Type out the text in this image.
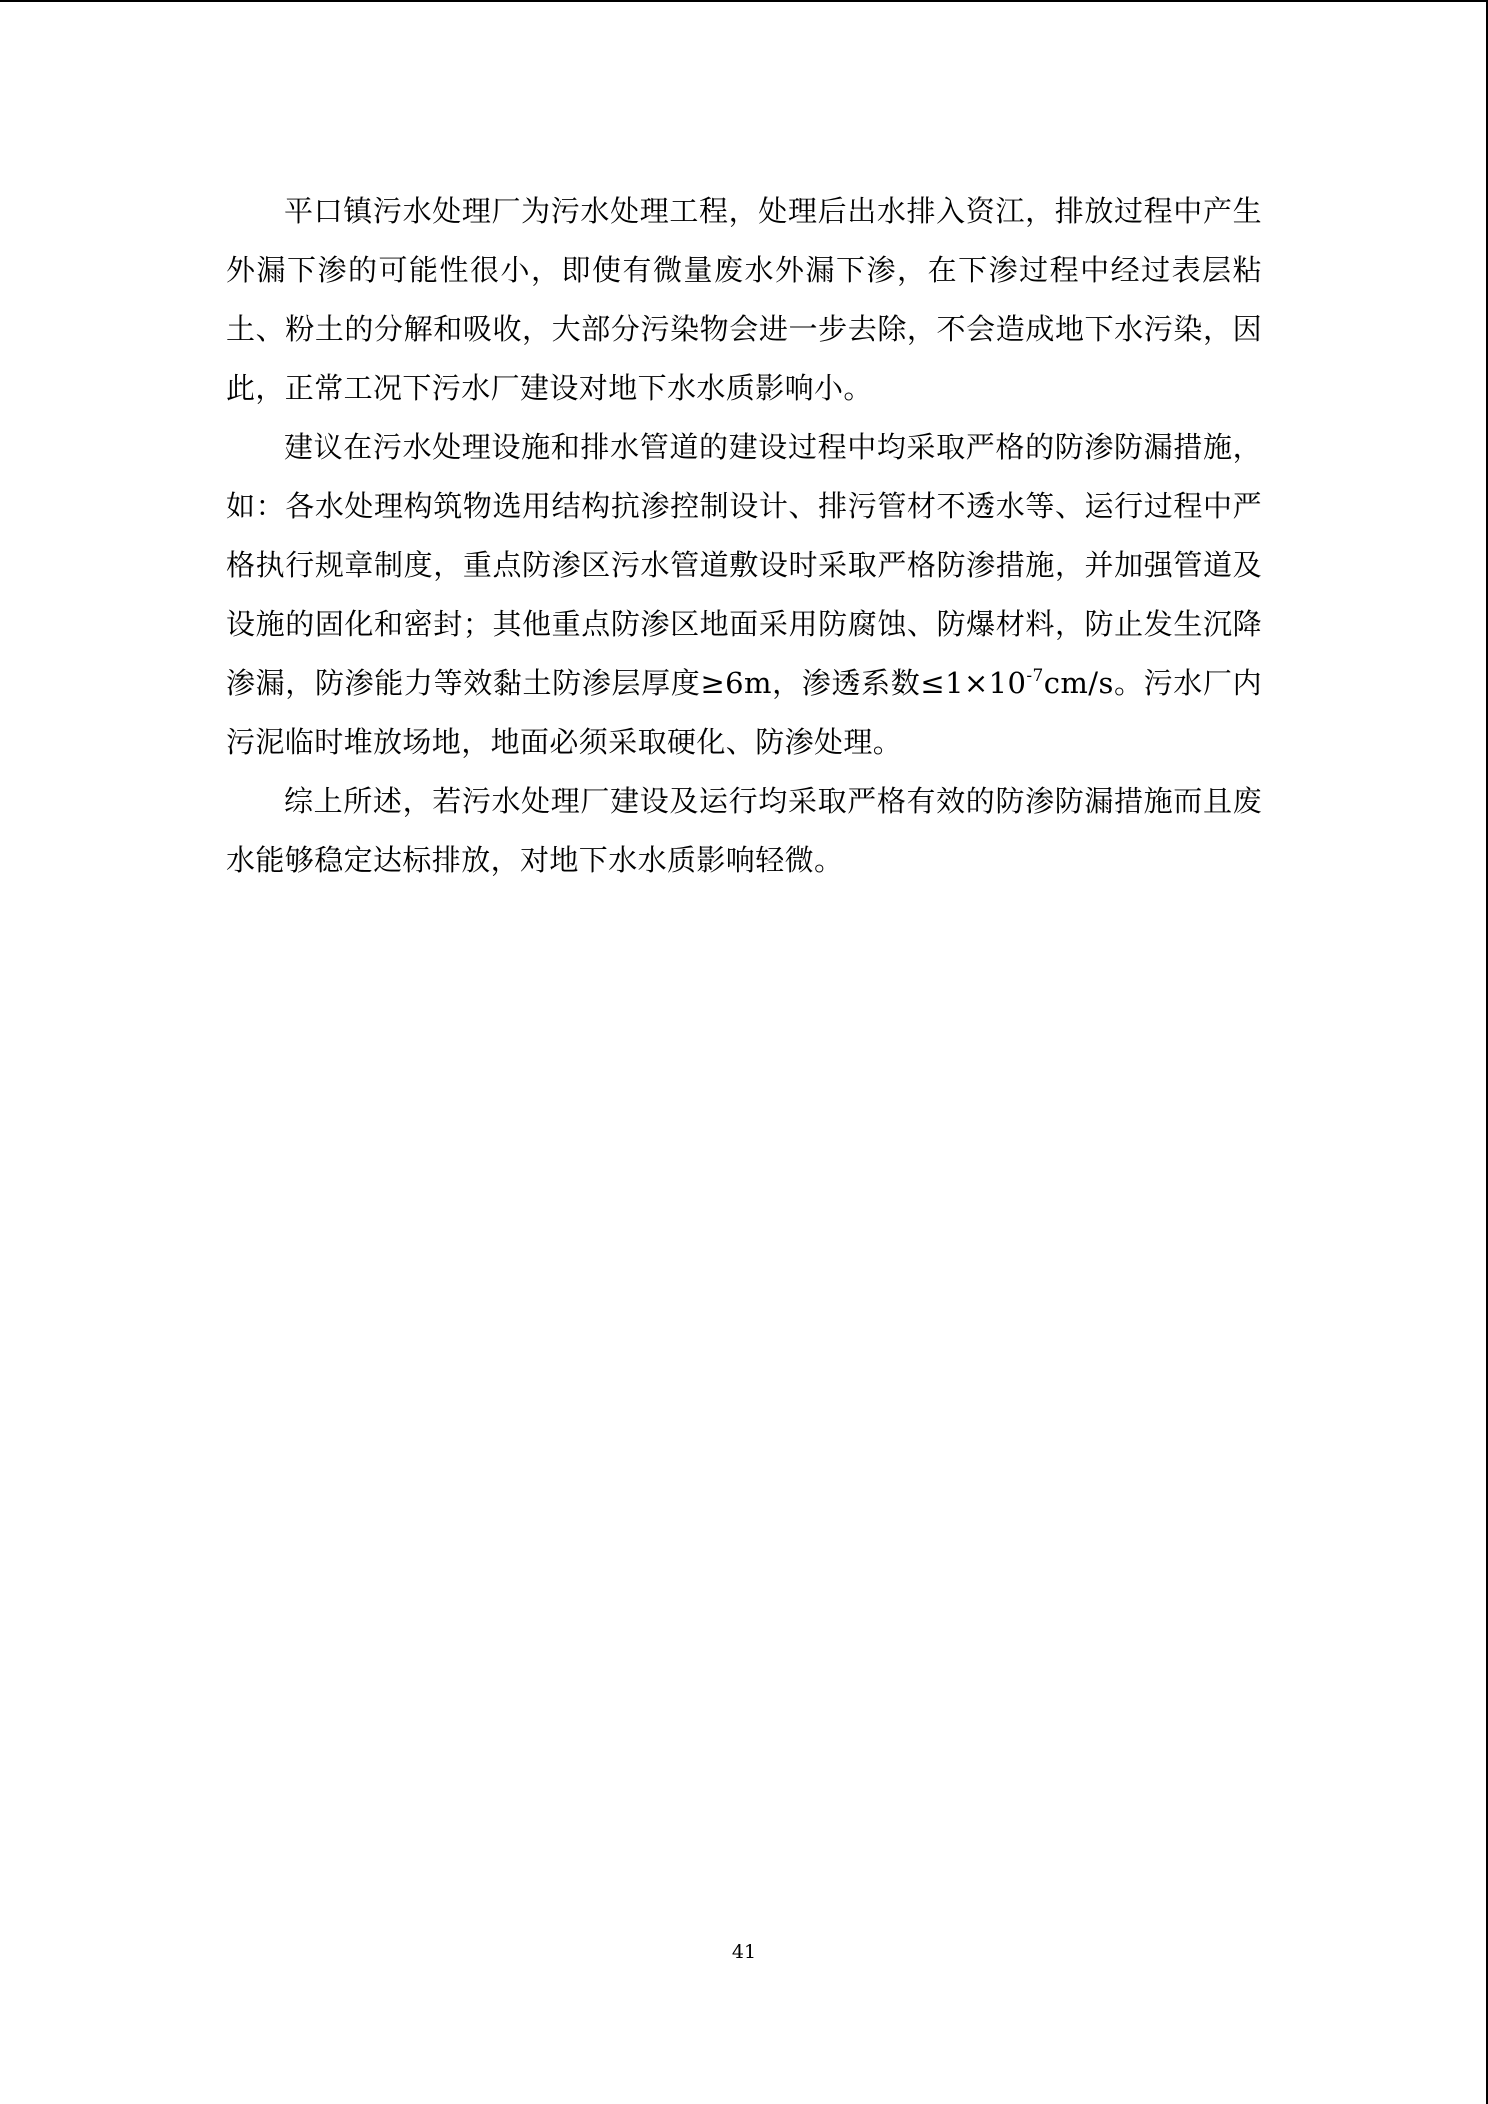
平口镇污水处理厂为污水处理工程，处理后出水排入资江，排放过程中产生外漏下渗的可能性很小，即使有微量废水外漏下渗，在下渗过程中经过表层粘土、粉土的分解和吸收，大部分污染物会进一步去除，不会造成地下水污染，因此，正常工况下污水厂建设对地下水水质影响小。

建议在污水处理设施和排水管道的建设过程中均采取严格的防渗防漏措施，如：各水处理构筑物选用结构抗渗控制设计、排污管材不透水等、运行过程中严格执行规章制度，重点防渗区污水管道敷设时采取严格防渗措施，并加强管道及设施的固化和密封；其他重点防渗区地面采用防腐蚀、防爆材料，防止发生沉降渗漏，防渗能力等效黏土防渗层厚度≥6m，渗透系数$\le 1\times 10^{-7}cm/s$。污水厂内污泥临时堆放场地，地面必须采取硬化、防渗处理。

综上所述，若污水处理厂建设及运行均采取严格有效的防渗防漏措施而且废水能够稳定达标排放，对地下水水质影响轻微。

41
